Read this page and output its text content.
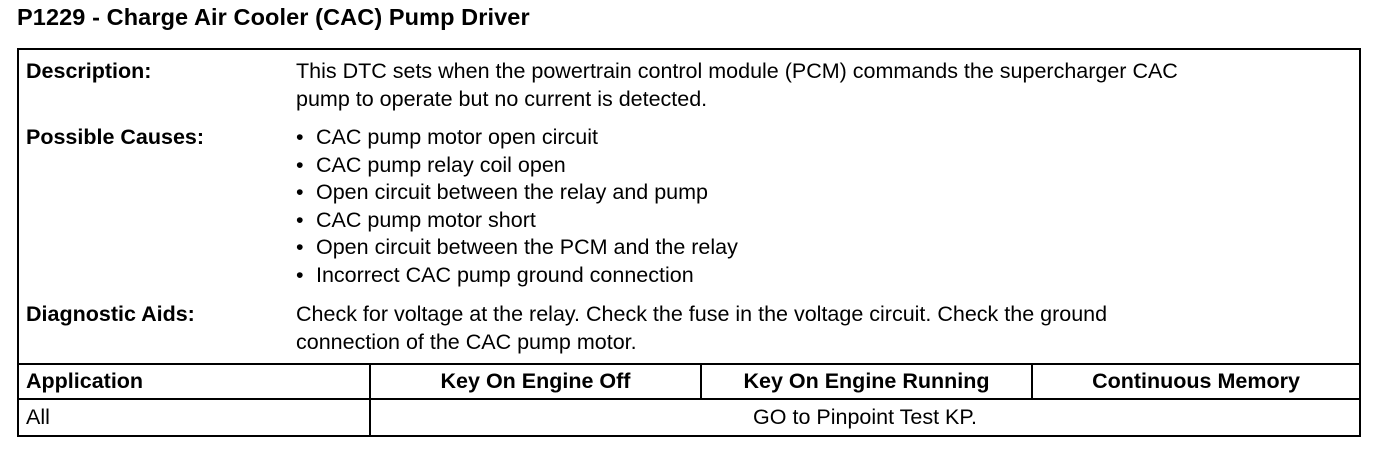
P1229 - Charge Air Cooler (CAC) Pump Driver
Description:	This DTC sets when the powertrain control module (PCM) commands the supercharger CAC
pump to operate but no current is detected.
Possible Causes:	• CAC pump motor open circuit
• CAC pump relay coil open
• Open circuit between the relay and pump
• CAC pump motor short
• Open circuit between the PCM and the relay
• Incorrect CAC pump ground connection
Diagnostic Aids:	Check for voltage at the relay. Check the fuse in the voltage circuit. Check the ground
connection of the CAC pump motor.
Application	Key On Engine Off	Key On Engine Running	Continuous Memory
All	GO to Pinpoint Test KP.
